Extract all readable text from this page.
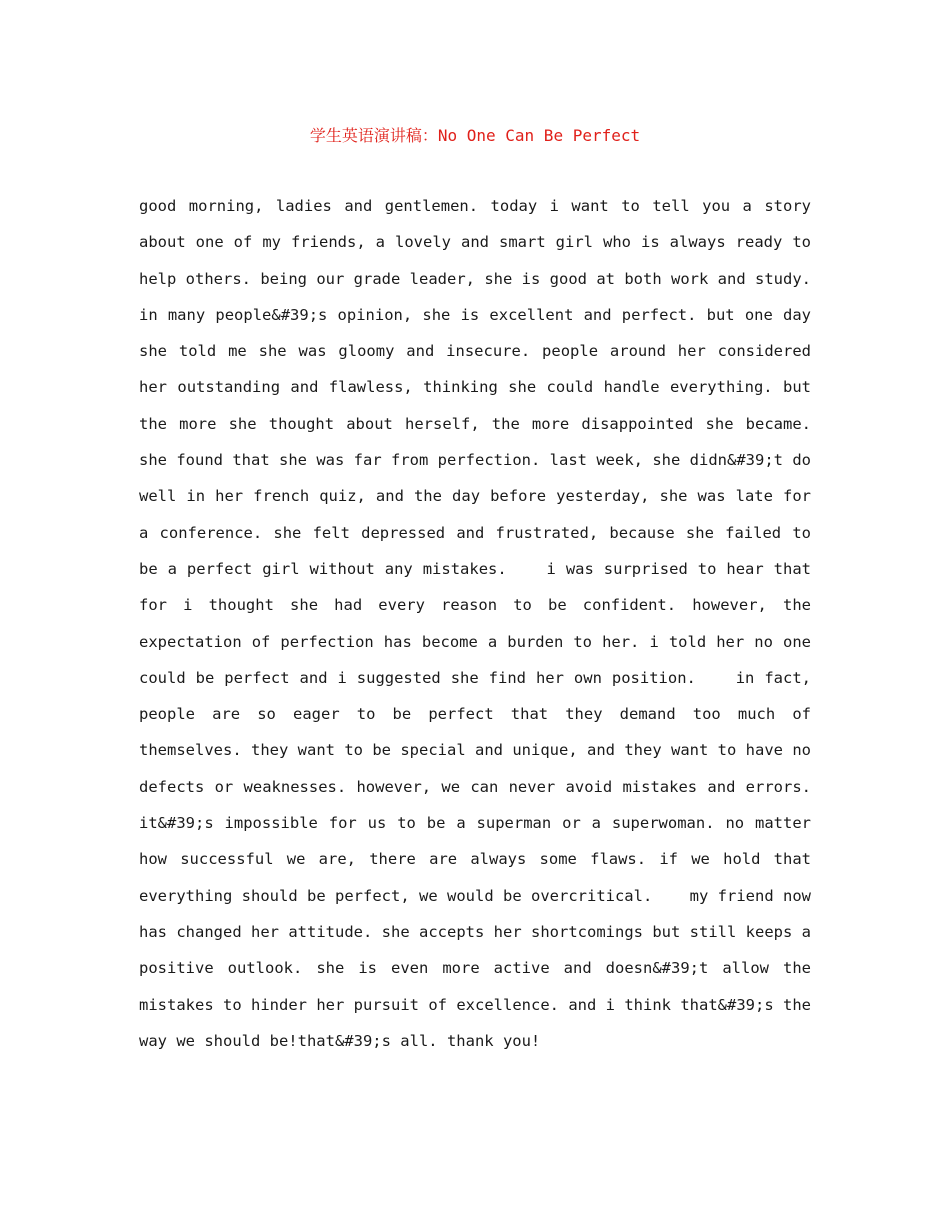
学生英语演讲稿：No One Can Be Perfect
good morning, ladies and gentlemen. today i want to tell you a story
about one of my friends, a lovely and smart girl who is always ready to
help others. being our grade leader, she is good at both work and study.
in many people&#39;s opinion, she is excellent and perfect. but one day
she told me she was gloomy and insecure. people around her considered
her outstanding and flawless, thinking she could handle everything. but
the more she thought about herself, the more disappointed she became.
she found that she was far from perfection. last week, she didn&#39;t do
well in her french quiz, and the day before yesterday, she was late for
a conference. she felt depressed and frustrated, because she failed to
be a perfect girl without any mistakes.    i was surprised to hear that
for i thought she had every reason to be confident. however, the
expectation of perfection has become a burden to her. i told her no one
could be perfect and i suggested she find her own position.    in fact,
people are so eager to be perfect that they demand too much of
themselves. they want to be special and unique, and they want to have no
defects or weaknesses. however, we can never avoid mistakes and errors.
it&#39;s impossible for us to be a superman or a superwoman. no matter
how successful we are, there are always some flaws. if we hold that
everything should be perfect, we would be overcritical.    my friend now
has changed her attitude. she accepts her shortcomings but still keeps a
positive outlook. she is even more active and doesn&#39;t allow the
mistakes to hinder her pursuit of excellence. and i think that&#39;s the
way we should be!that&#39;s all. thank you!
